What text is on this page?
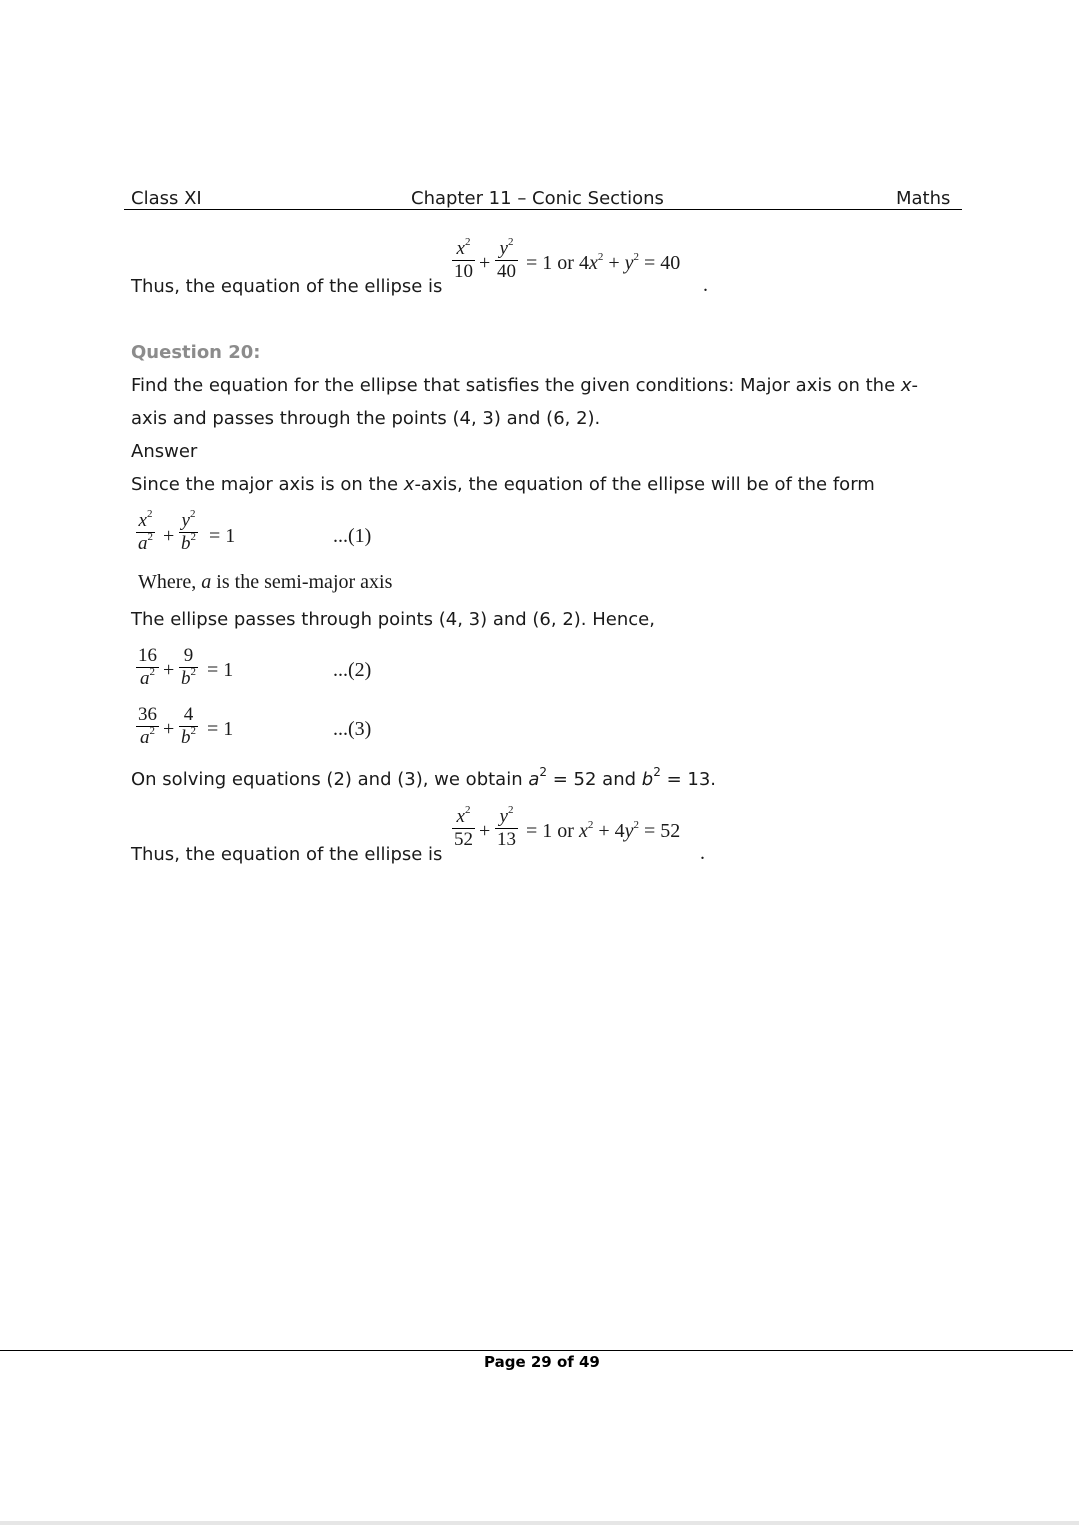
Class XI	Chapter 11 – Conic Sections	Maths
Thus, the equation of the ellipse is
$x^2$
10 +
$y^2$
40 = 1 or $4x^2 + y^2 = 40$
.
Question 20:
Find the equation for the ellipse that satisfies the given conditions: Major axis on the x-
axis and passes through the points (4, 3) and (6, 2).
Answer
Since the major axis is on the x-axis, the equation of the ellipse will be of the form
$x^2$
$a^2$ +
$y^2$
$b^2 = 1$	...(1)
Where, a is the semi-major axis
The ellipse passes through points (4, 3) and (6, 2). Hence,
16
$a^2$ +
9
$b^2 = 1$	...(2)
36
$a^2$ +
4
$b^2 = 1$	...(3)
On solving equations (2) and (3), we obtain $a^2 = 52$ and $b^2 = 13$.
Thus, the equation of the ellipse is
$x^2$
52 +
$y^2$
13 = 1 or $x^2 + 4y^2 = 52$
.
Page 29 of 49
